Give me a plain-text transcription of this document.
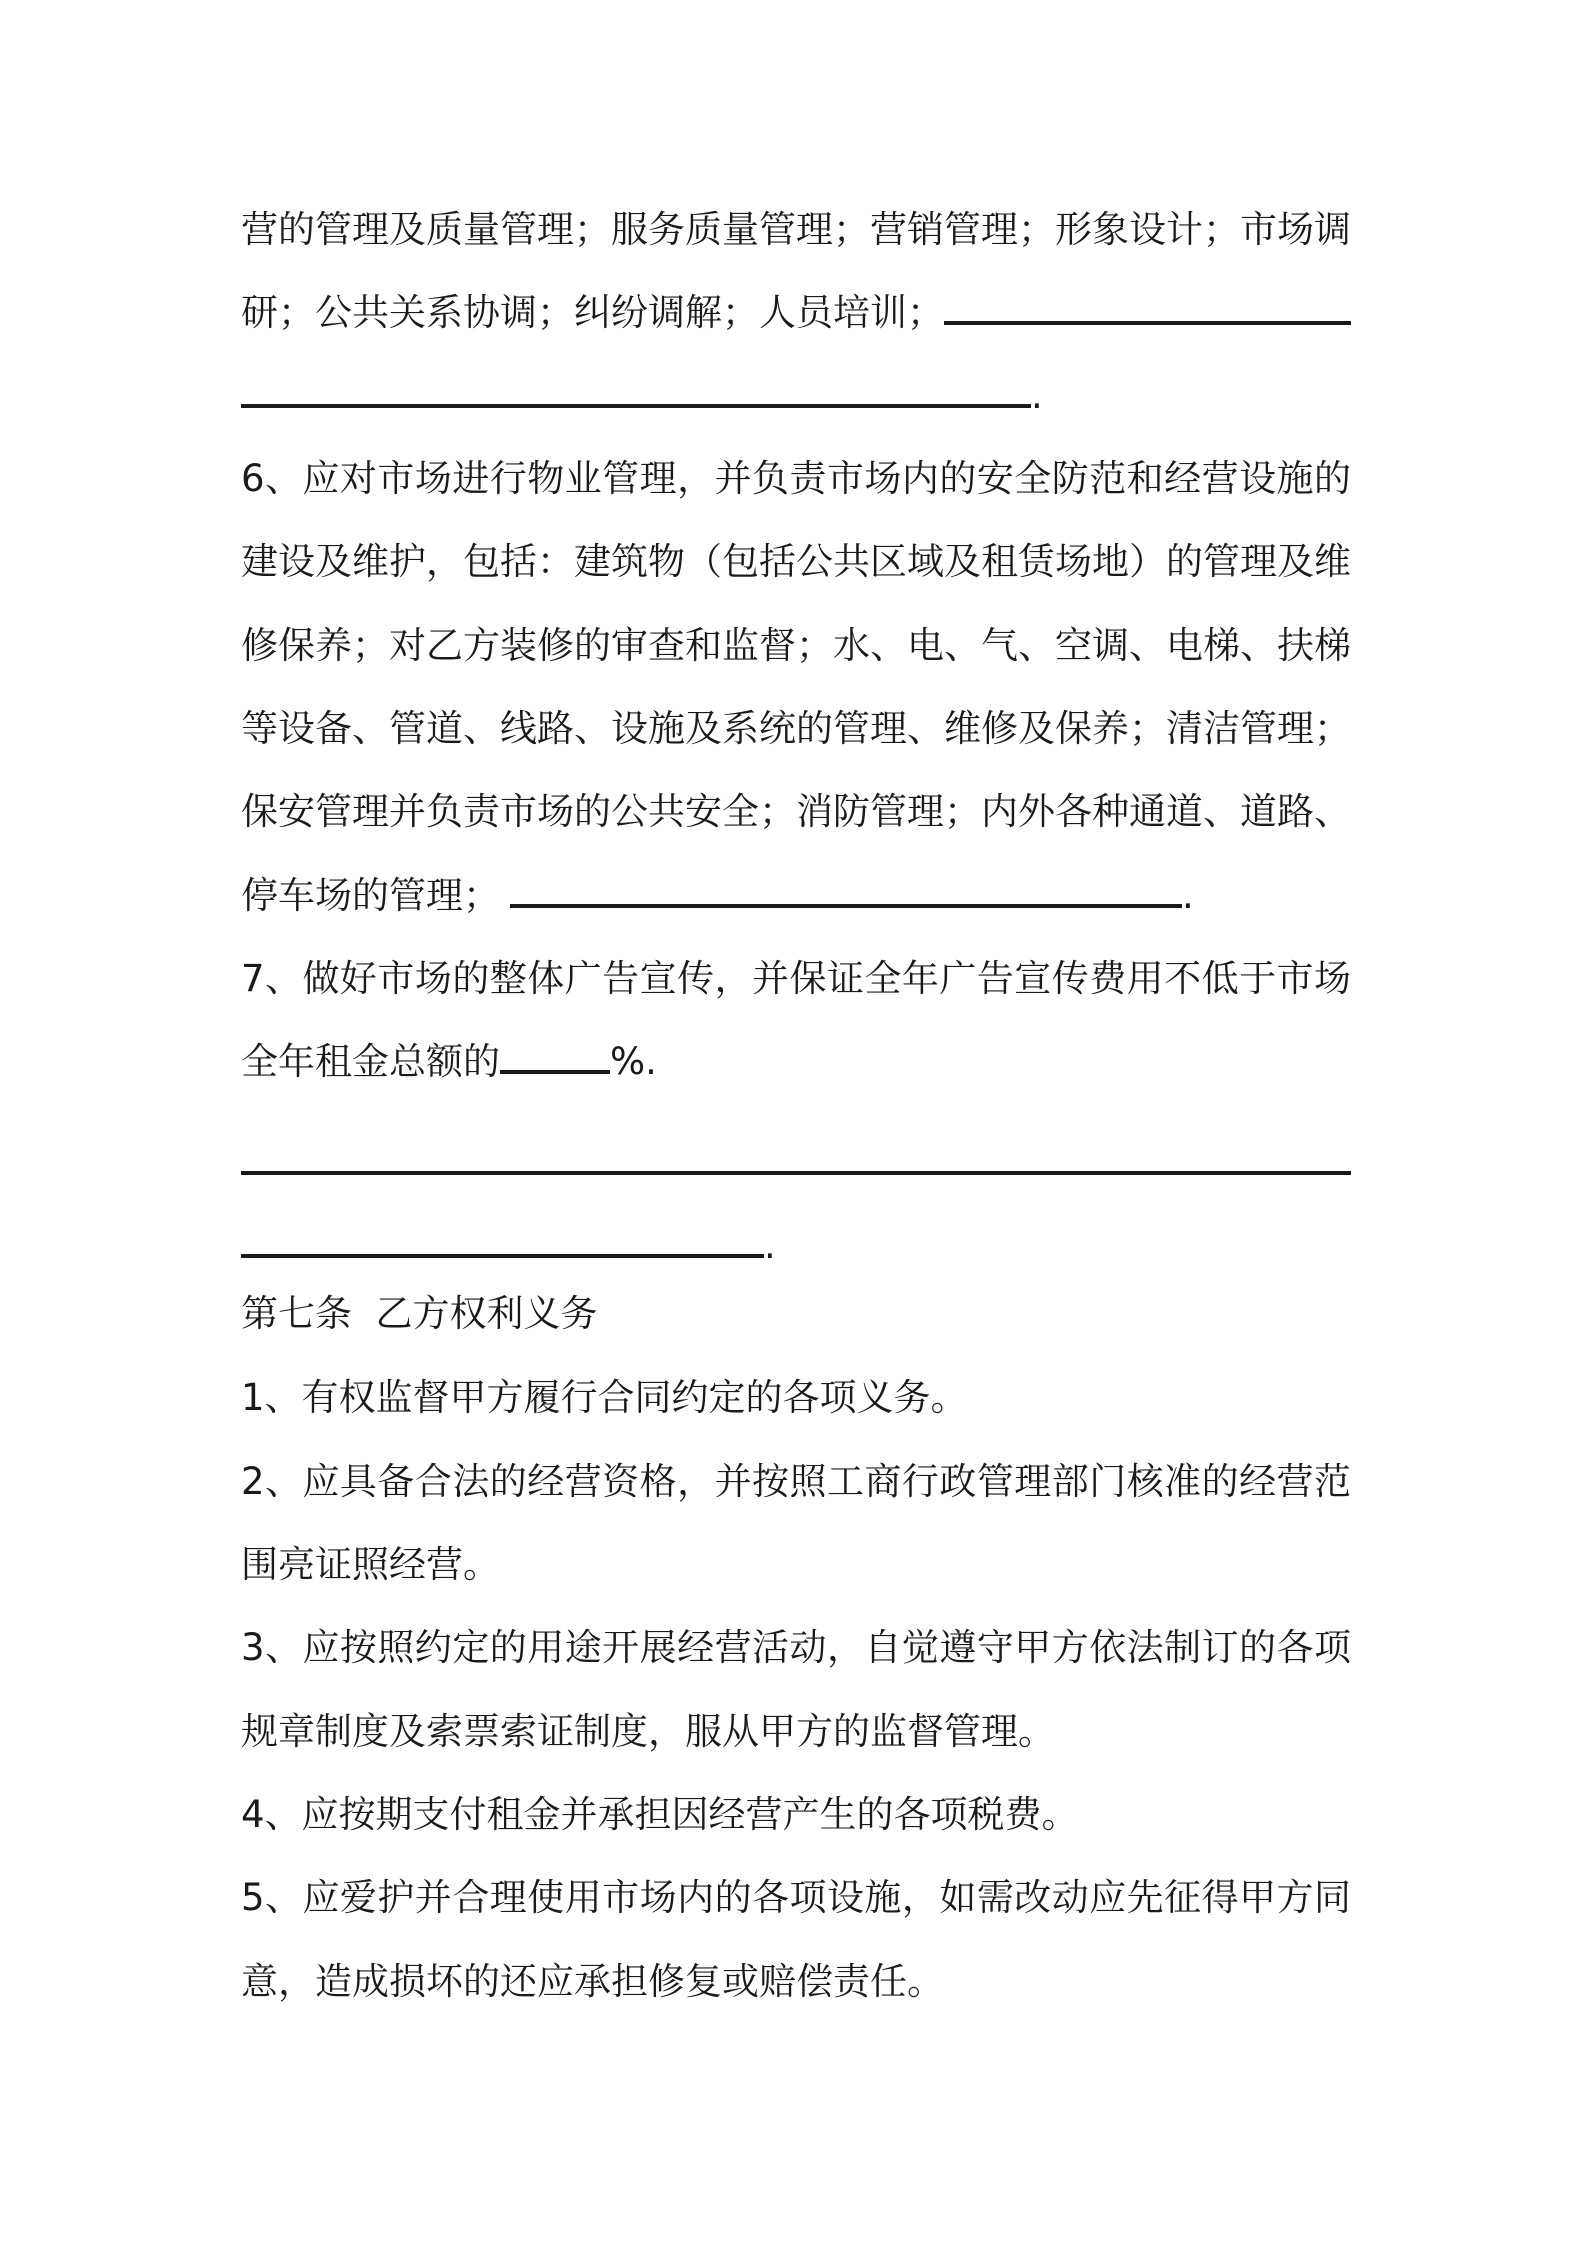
营的管理及质量管理；服务质量管理；营销管理；形象设计；市场调
研；公共关系协调；纠纷调解；人员培训；
.
6、应对市场进行物业管理，并负责市场内的安全防范和经营设施的
建设及维护，包括：建筑物（包括公共区域及租赁场地）的管理及维
修保养；对乙方装修的审查和监督；水、电、气、空调、电梯、扶梯
等设备、管道、线路、设施及系统的管理、维修及保养；清洁管理；
保安管理并负责市场的公共安全；消防管理；内外各种通道、道路、
停车场的管理；	.
7、做好市场的整体广告宣传，并保证全年广告宣传费用不低于市场
全年租金总额的	%.
.
第七条  乙方权利义务
1、有权监督甲方履行合同约定的各项义务。
2、应具备合法的经营资格，并按照工商行政管理部门核准的经营范
围亮证照经营。
3、应按照约定的用途开展经营活动，自觉遵守甲方依法制订的各项
规章制度及索票索证制度，服从甲方的监督管理。
4、应按期支付租金并承担因经营产生的各项税费。
5、应爱护并合理使用市场内的各项设施，如需改动应先征得甲方同
意，造成损坏的还应承担修复或赔偿责任。
